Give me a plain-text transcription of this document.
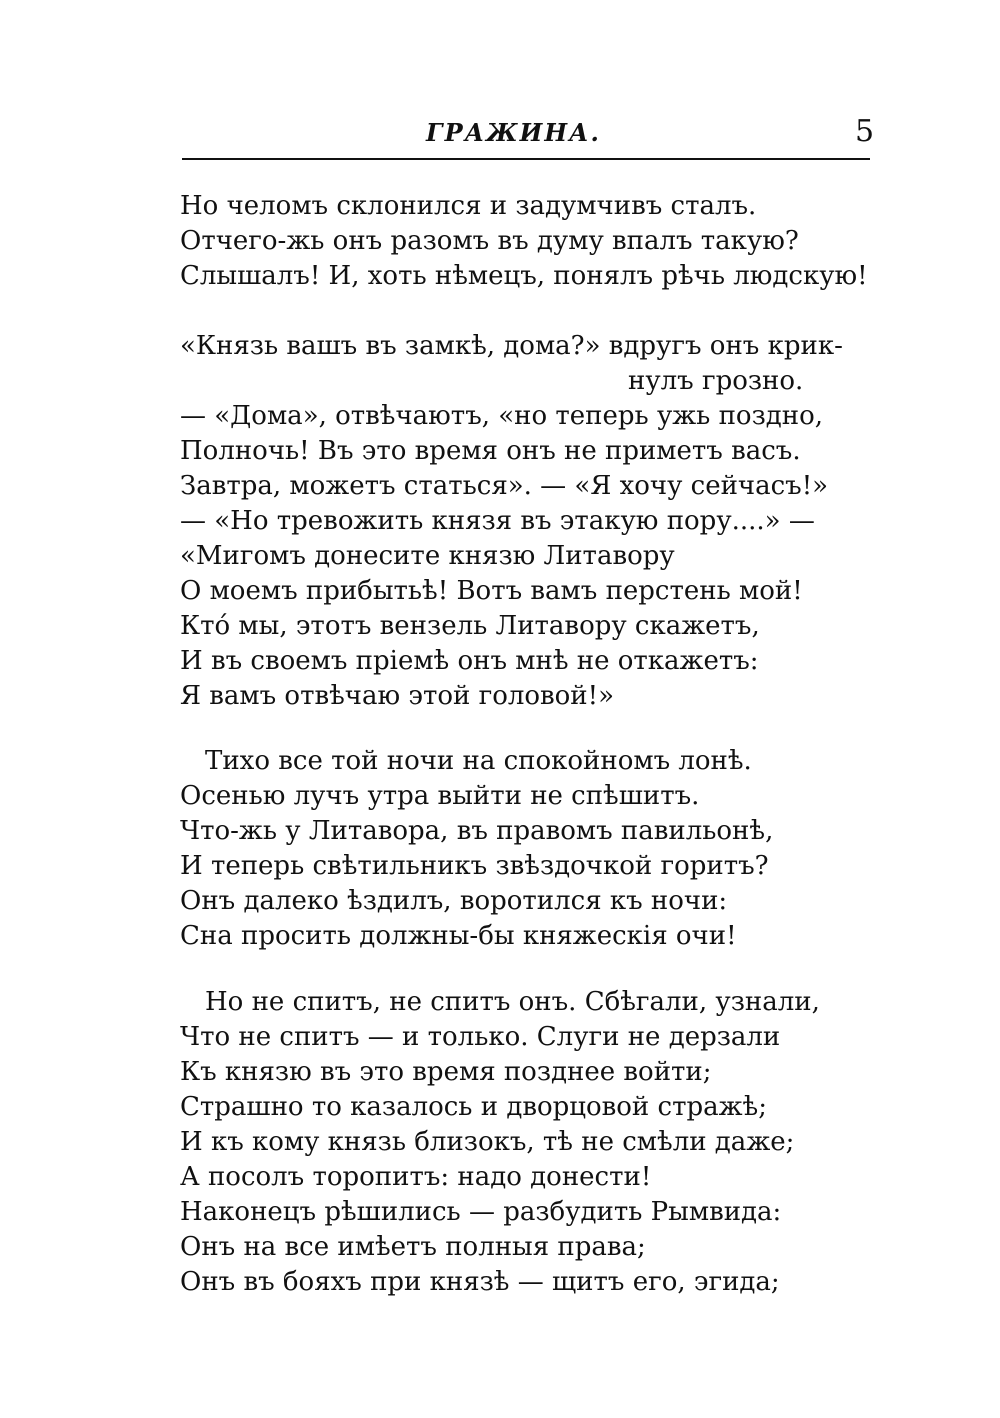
ГРАЖИНА.	5
Но челомъ склонился и задумчивъ сталъ.
Отчего-жь онъ разомъ въ думу впалъ такую?
Слышалъ! И, хоть нѣмецъ, понялъ рѣчь людскую!
«Князь вашъ въ замкѣ, дома?» вдругъ онъ крик-
нулъ грозно.
— «Дома», отвѣчаютъ, «но теперь ужь поздно,
Полночь! Въ это время онъ не приметъ васъ.
Завтра, можетъ статься». — «Я хочу сейчасъ!»
— «Но тревожить князя въ этакую пору....» —
«Мигомъ донесите князю Литавору
О моемъ прибытьѣ! Вотъ вамъ перстень мой!
Ктó мы, этотъ вензель Литавору скажетъ,
И въ своемъ пріемѣ онъ мнѣ не откажетъ:
Я вамъ отвѣчаю этой головой!»
Тихо все той ночи на спокойномъ лонѣ.
Осенью лучъ утра выйти не спѣшитъ.
Что-жь у Литавора, въ правомъ павильонѣ,
И теперь свѣтильникъ звѣздочкой горитъ?
Онъ далеко ѣздилъ, воротился къ ночи:
Сна просить должны-бы княжескія очи!
Но не спитъ, не спитъ онъ. Сбѣгали, узнали,
Что не спитъ — и только. Слуги не дерзали
Къ князю въ это время позднее войти;
Страшно то казалось и дворцовой стражѣ;
И къ кому князь близокъ, тѣ не смѣли даже;
А посолъ торопитъ: надо донести!
Наконецъ рѣшились — разбудить Рымвида:
Онъ на все имѣетъ полныя права;
Онъ въ бояхъ при князѣ — щитъ его, эгида;
